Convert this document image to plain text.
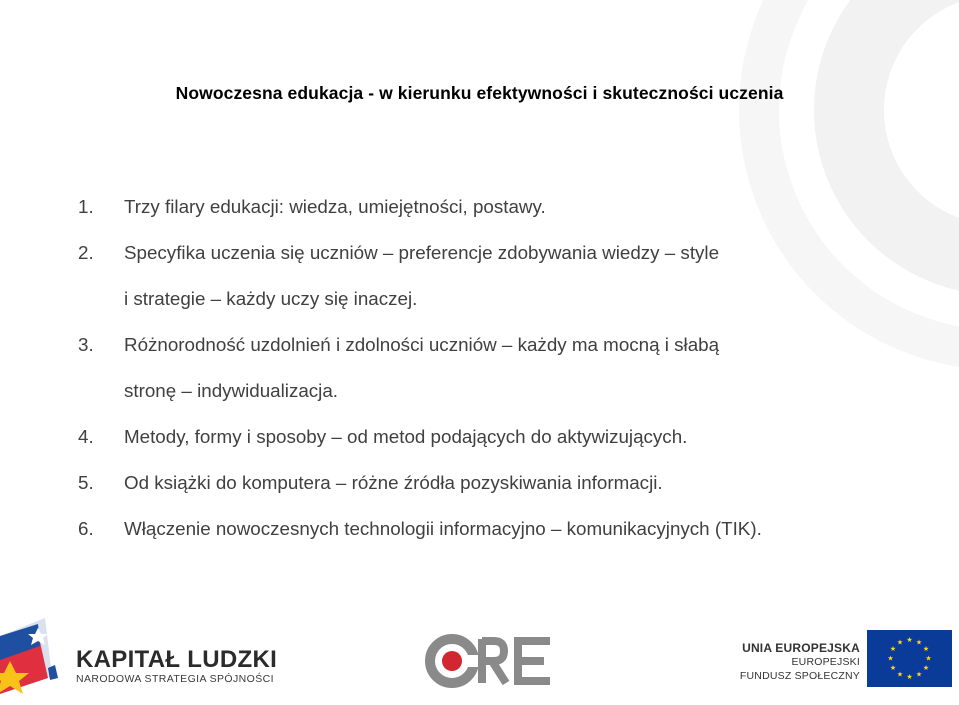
Nowoczesna edukacja - w kierunku efektywności i skuteczności uczenia
1.	Trzy filary edukacji: wiedza, umiejętności, postawy.
2.	Specyfika uczenia się uczniów – preferencje zdobywania wiedzy – style
i strategie – każdy uczy się inaczej.
3.	Różnorodność uzdolnień i zdolności uczniów – każdy ma mocną i słabą
stronę – indywidualizacja.
4.	Metody, formy i sposoby – od metod podających do aktywizujących.
5.	Od książki do komputera – różne źródła pozyskiwania informacji.
6.	Włączenie nowoczesnych technologii informacyjno – komunikacyjnych (TIK).
KAPITAŁ LUDZKI
NARODOWA STRATEGIA SPÓJNOŚCI
UNIA EUROPEJSKA
EUROPEJSKI
FUNDUSZ SPOŁECZNY
★ ★
★
★
★
★
★
★
★
★
★
★
